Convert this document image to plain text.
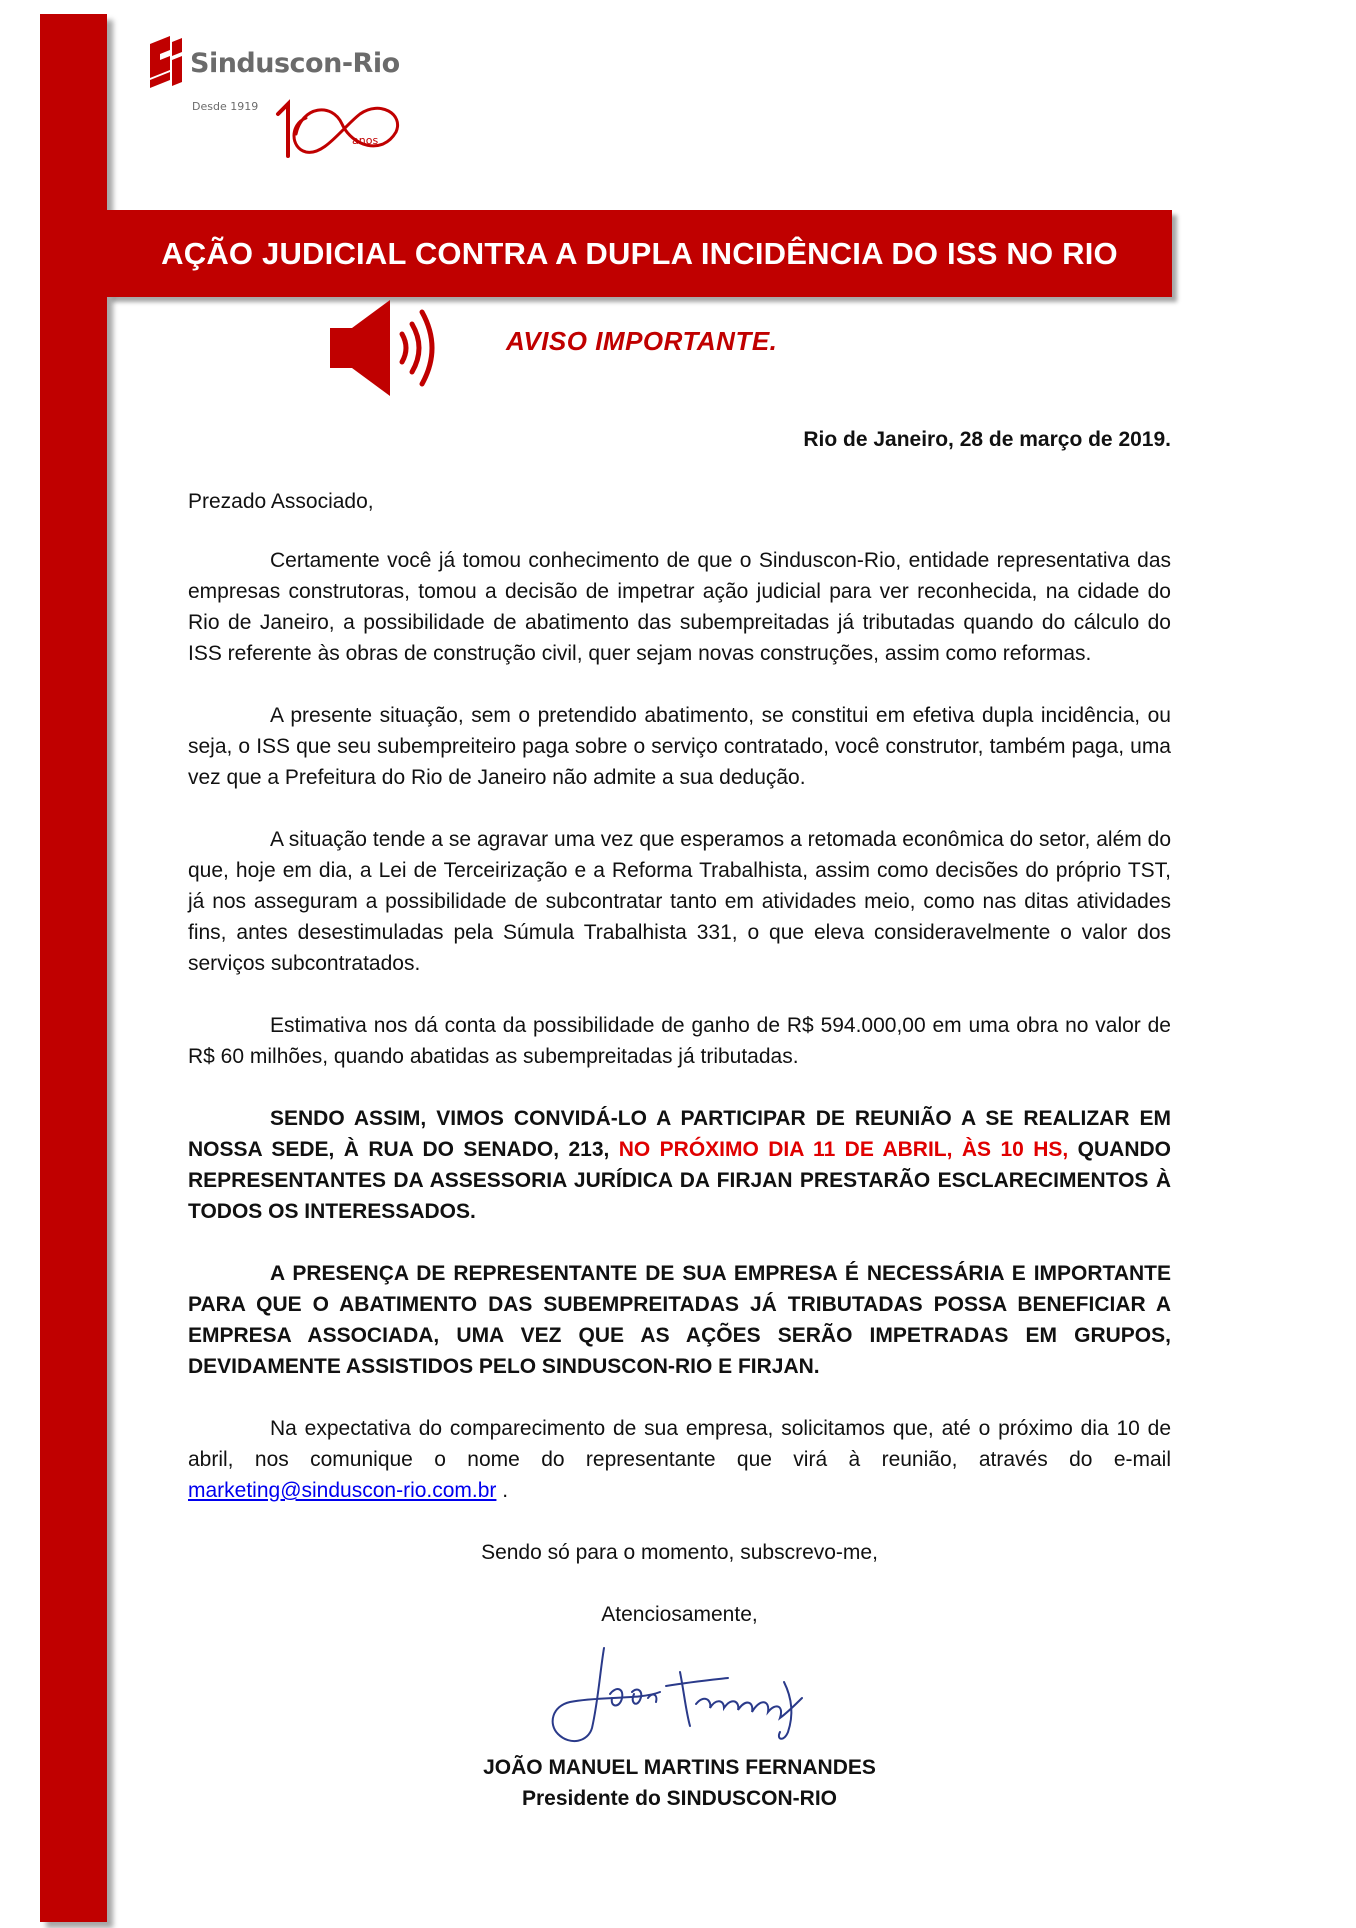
Sinduscon-Rio
Desde 1919
anos
AÇÃO JUDICIAL CONTRA A DUPLA INCIDÊNCIA DO ISS NO RIO
AVISO IMPORTANTE.

Rio de Janeiro, 28 de março de 2019.

Prezado Associado,

Certamente você já tomou conhecimento de que o Sinduscon-Rio, entidade representativa das empresas construtoras, tomou a decisão de impetrar ação judicial para ver reconhecida, na cidade do Rio de Janeiro, a possibilidade de abatimento das subempreitadas já tributadas quando do cálculo do ISS referente às obras de construção civil, quer sejam novas construções, assim como reformas.

A presente situação, sem o pretendido abatimento, se constitui em efetiva dupla incidência, ou seja, o ISS que seu subempreiteiro paga sobre o serviço contratado, você construtor, também paga, uma vez que a Prefeitura do Rio de Janeiro não admite a sua dedução.

A situação tende a se agravar uma vez que esperamos a retomada econômica do setor, além do que, hoje em dia, a Lei de Terceirização e a Reforma Trabalhista, assim como decisões do próprio TST, já nos asseguram a possibilidade de subcontratar tanto em atividades meio, como nas ditas atividades fins, antes desestimuladas pela Súmula Trabalhista 331, o que eleva consideravelmente o valor dos serviços subcontratados.

Estimativa nos dá conta da possibilidade de ganho de R$ 594.000,00 em uma obra no valor de R$ 60 milhões, quando abatidas as subempreitadas já tributadas.

SENDO ASSIM, VIMOS CONVIDÁ-LO A PARTICIPAR DE REUNIÃO A SE REALIZAR EM NOSSA SEDE, À RUA DO SENADO, 213, NO PRÓXIMO DIA 11 DE ABRIL, ÀS 10 HS, QUANDO REPRESENTANTES DA ASSESSORIA JURÍDICA DA FIRJAN PRESTARÃO ESCLARECIMENTOS À TODOS OS INTERESSADOS.

A PRESENÇA DE REPRESENTANTE DE SUA EMPRESA É NECESSÁRIA E IMPORTANTE PARA QUE O ABATIMENTO DAS SUBEMPREITADAS JÁ TRIBUTADAS POSSA BENEFICIAR A EMPRESA ASSOCIADA, UMA VEZ QUE AS AÇÕES SERÃO IMPETRADAS EM GRUPOS, DEVIDAMENTE ASSISTIDOS PELO SINDUSCON-RIO E FIRJAN.

Na expectativa do comparecimento de sua empresa, solicitamos que, até o próximo dia 10 de abril, nos comunique o nome do representante que virá à reunião, através do e-mail marketing@sinduscon-rio.com.br .

Sendo só para o momento, subscrevo-me,

Atenciosamente,

JOÃO MANUEL MARTINS FERNANDES

Presidente do SINDUSCON-RIO
